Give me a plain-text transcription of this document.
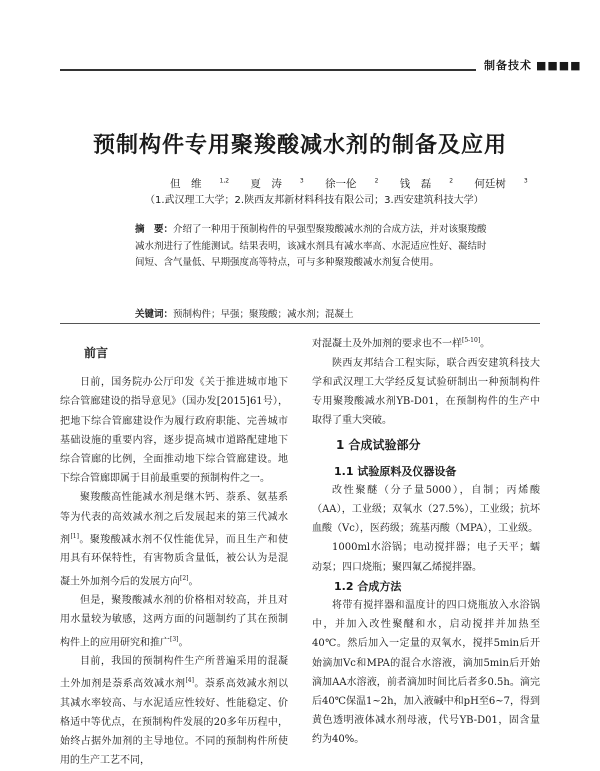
制备技术 ■■■■
预制构件专用聚羧酸减水剂的制备及应用
但　维	$^{1,2}$ 夏　涛	$^3$ 徐一伦	$^2$ 钱　磊	$^2$ 何廷树	$^3$
（1.武汉理工大学；2.陕西友邦新材料科技有限公司；3.西安建筑科技大学）
摘　要：介绍了一种用于预制构件的早强型聚羧酸减水剂的合成方法，并对该聚羧酸减水剂进行了性能测试。结果表明，该减水剂具有减水率高、水泥适应性好、凝结时间短、含气量低、早期强度高等特点，可与多种聚羧酸减水剂复合使用。
关键词：预制构件；早强；聚羧酸；减水剂；混凝土

前言

日前，国务院办公厅印发《关于推进城市地下综合管廊建设的指导意见》（国办发[2015]61号），把地下综合管廊建设作为履行政府职能、完善城市基础设施的重要内容，逐步提高城市道路配建地下综合管廊的比例，全面推动地下综合管廊建设。地下综合管廊即属于目前最重要的预制构件之一。

聚羧酸高性能减水剂是继木钙、萘系、氨基系等为代表的高效减水剂之后发展起来的第三代减水剂[1]。聚羧酸减水剂不仅性能优异，而且生产和使用具有环保特性，有害物质含量低，被公认为是混凝土外加剂今后的发展方向[2]。

但是，聚羧酸减水剂的价格相对较高，并且对用水量较为敏感，这两方面的问题制约了其在预制构件上的应用研究和推广[3]。

目前，我国的预制构件生产所普遍采用的混凝土外加剂是萘系高效减水剂[4]。萘系高效减水剂以其减水率较高、与水泥适应性较好、性能稳定、价格适中等优点，在预制构件发展的20多年历程中，始终占据外加剂的主导地位。不同的预制构件所使用的生产工艺不同，

对混凝土及外加剂的要求也不一样[5-10]。

陕西友邦结合工程实际，联合西安建筑科技大学和武汉理工大学经反复试验研制出一种预制构件专用聚羧酸减水剂YB-D01，在预制构件的生产中取得了重大突破。

1 合成试验部分

1.1 试验原料及仪器设备

改性聚醚（分子量5000），自制；丙烯酸（AA），工业级；双氧水（27.5%），工业级；抗坏血酸（Vc），医药级；巯基丙酸（MPA），工业级。

1000ml水浴锅；电动搅拌器；电子天平；蠕动泵；四口烧瓶；聚四氟乙烯搅拌器。

1.2 合成方法

将带有搅拌器和温度计的四口烧瓶放入水浴锅中，并加入改性聚醚和水，启动搅拌并加热至40℃。然后加入一定量的双氧水，搅拌5min后开始滴加Vc和MPA的混合水溶液，滴加5min后开始滴加AA水溶液，前者滴加时间比后者多0.5h。滴完后40℃保温1~2h，加入液碱中和pH至6~7，得到黄色透明液体减水剂母液，代号YB-D01，固含量约为40%。
